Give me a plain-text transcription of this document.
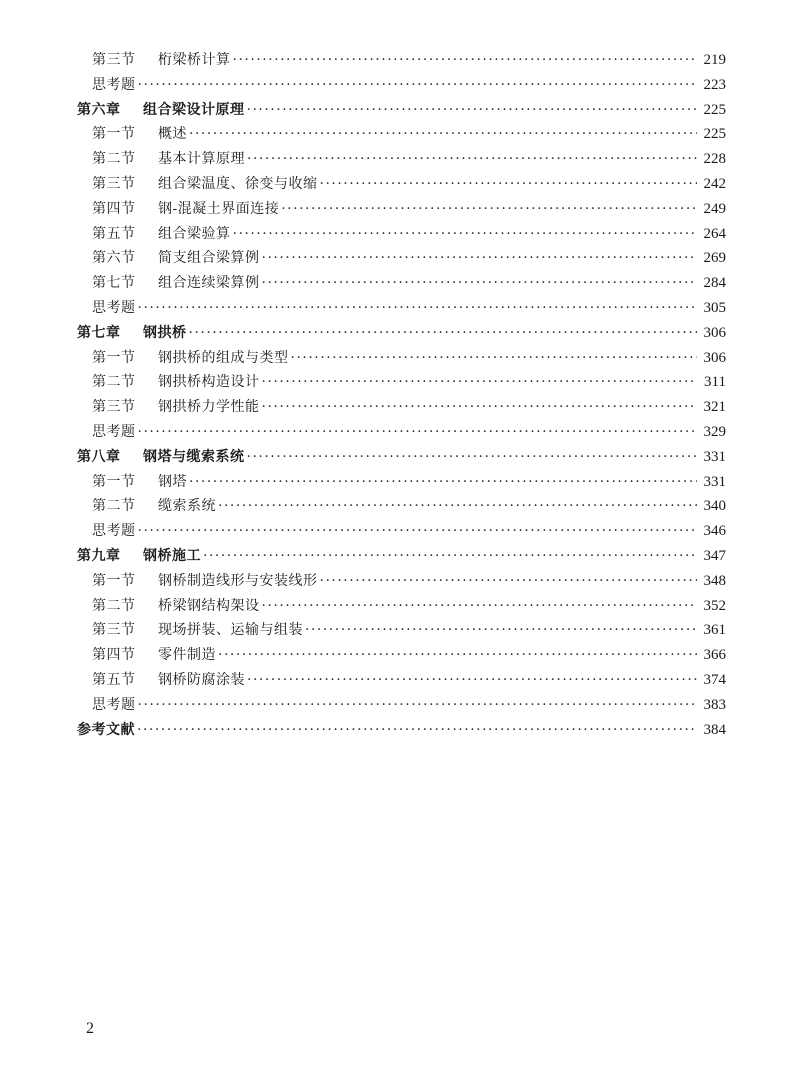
第三节 桁梁桥计算 ·····	219
思考题 ·····	223
第六章 组合梁设计原理 ·····	225
第一节 概述 ·····	225
第二节 基本计算原理 ·····	228
第三节 组合梁温度、徐变与收缩 ·····	242
第四节 钢-混凝土界面连接 ·····	249
第五节 组合梁验算 ·····	264
第六节 简支组合梁算例 ·····	269
第七节 组合连续梁算例 ·····	284
思考题 ·····	305
第七章 钢拱桥 ·····	306
第一节 钢拱桥的组成与类型 ·····	306
第二节 钢拱桥构造设计 ·····	311
第三节 钢拱桥力学性能 ·····	321
思考题 ·····	329
第八章 钢塔与缆索系统 ·····	331
第一节 钢塔 ·····	331
第二节 缆索系统 ·····	340
思考题 ·····	346
第九章 钢桥施工 ·····	347
第一节 钢桥制造线形与安装线形 ·····	348
第二节 桥梁钢结构架设 ·····	352
第三节 现场拼装、运输与组装 ·····	361
第四节 零件制造 ·····	366
第五节 钢桥防腐涂装 ·····	374
思考题 ·····	383
参考文献 ·····	384
2
